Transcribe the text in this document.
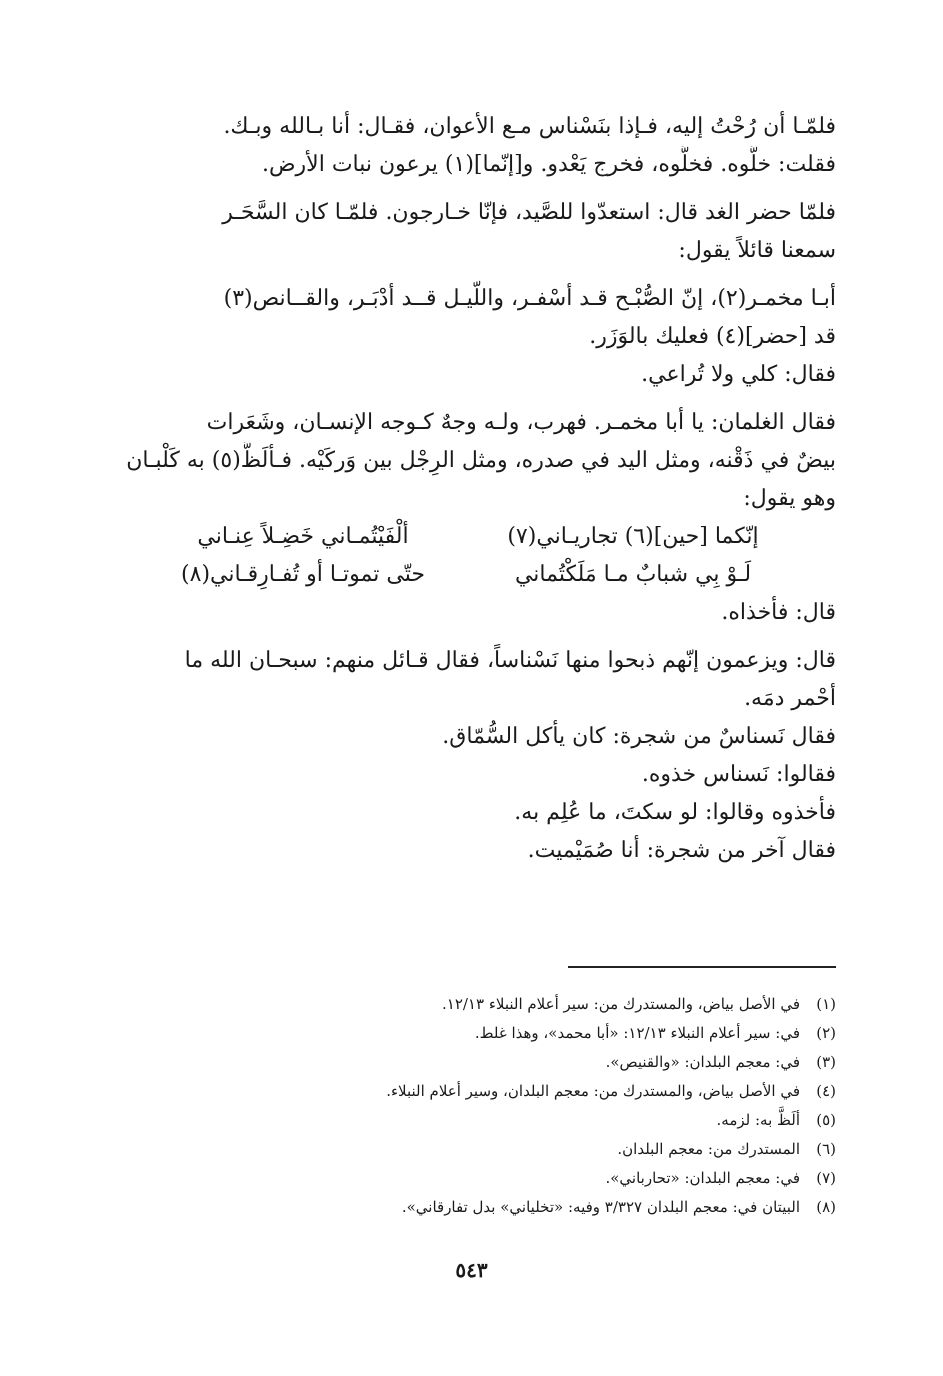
فلمّـا أن رُحْتُ إليه، فـإذا بنَسْناس مـع الأعوان، فقـال: أنا بـالله وبـك.
فقلت: خلُّوه. فخلُّوه، فخرج يَعْدو. و[إنّما](١) يرعون نبات الأرض.
فلمّا حضر الغد قال: استعدّوا للصَّيد، فإنّا خـارجون. فلمّـا كان السَّحَـر
سمعنا قائلاً يقول:
أبـا مخمـر(٢)، إنّ الصُّبْـح قـد أسْفـر، واللّيـل قــد أدْبَـر، والقــانص(٣)
قد [حضر](٤) فعليك بالوَزَر.
فقال: كلي ولا تُراعي.
فقال الغلمان: يا أبا مخمـر. فهرب، ولـه وجهٌ كـوجه الإنسـان، وشَعَرات
بيضٌ في ذَقْنه، ومثل اليد في صدره، ومثل الرِجْل بين وَركَيْه. فـألَظَّ(٥) به كَلْبـان
وهو يقول:
إنّكما [حين](٦) تجاريـاني(٧)
ألْفَيْتُمـاني خَضِـلاً عِنـاني
لَـوْ بِي شبابٌ مـا مَلَكْتُماني
حتّى تموتـا أو تُفـارِقـاني(٨)
قال: فأخذاه.
قال: ويزعمون إنّهم ذبحوا منها نَسْناساً، فقال قـائل منهم: سبحـان الله ما
أحْمر دمَه.
فقال نَسناسٌ من شجرة: كان يأكل السُّمّاق.
فقالوا: نَسناس خذوه.
فأخذوه وقالوا: لو سكتَ، ما عُلِم به.
فقال آخر من شجرة: أنا صُمَيْميت.
(١)في الأصل بياض، والمستدرك من: سير أعلام النبلاء ١٢/١٣.
(٢)في: سير أعلام النبلاء ١٢/١٣: «أبا محمد»، وهذا غلط.
(٣)في: معجم البلدان: «والقنيص».
(٤)في الأصل بياض، والمستدرك من: معجم البلدان، وسير أعلام النبلاء.
(٥)ألَظَّ به: لزمه.
(٦)المستدرك من: معجم البلدان.
(٧)في: معجم البلدان: «تحارباني».
(٨)البيتان في: معجم البلدان ٣/٣٢٧ وفيه: «تخلياني» بدل تفارقاني».
٥٤٣
